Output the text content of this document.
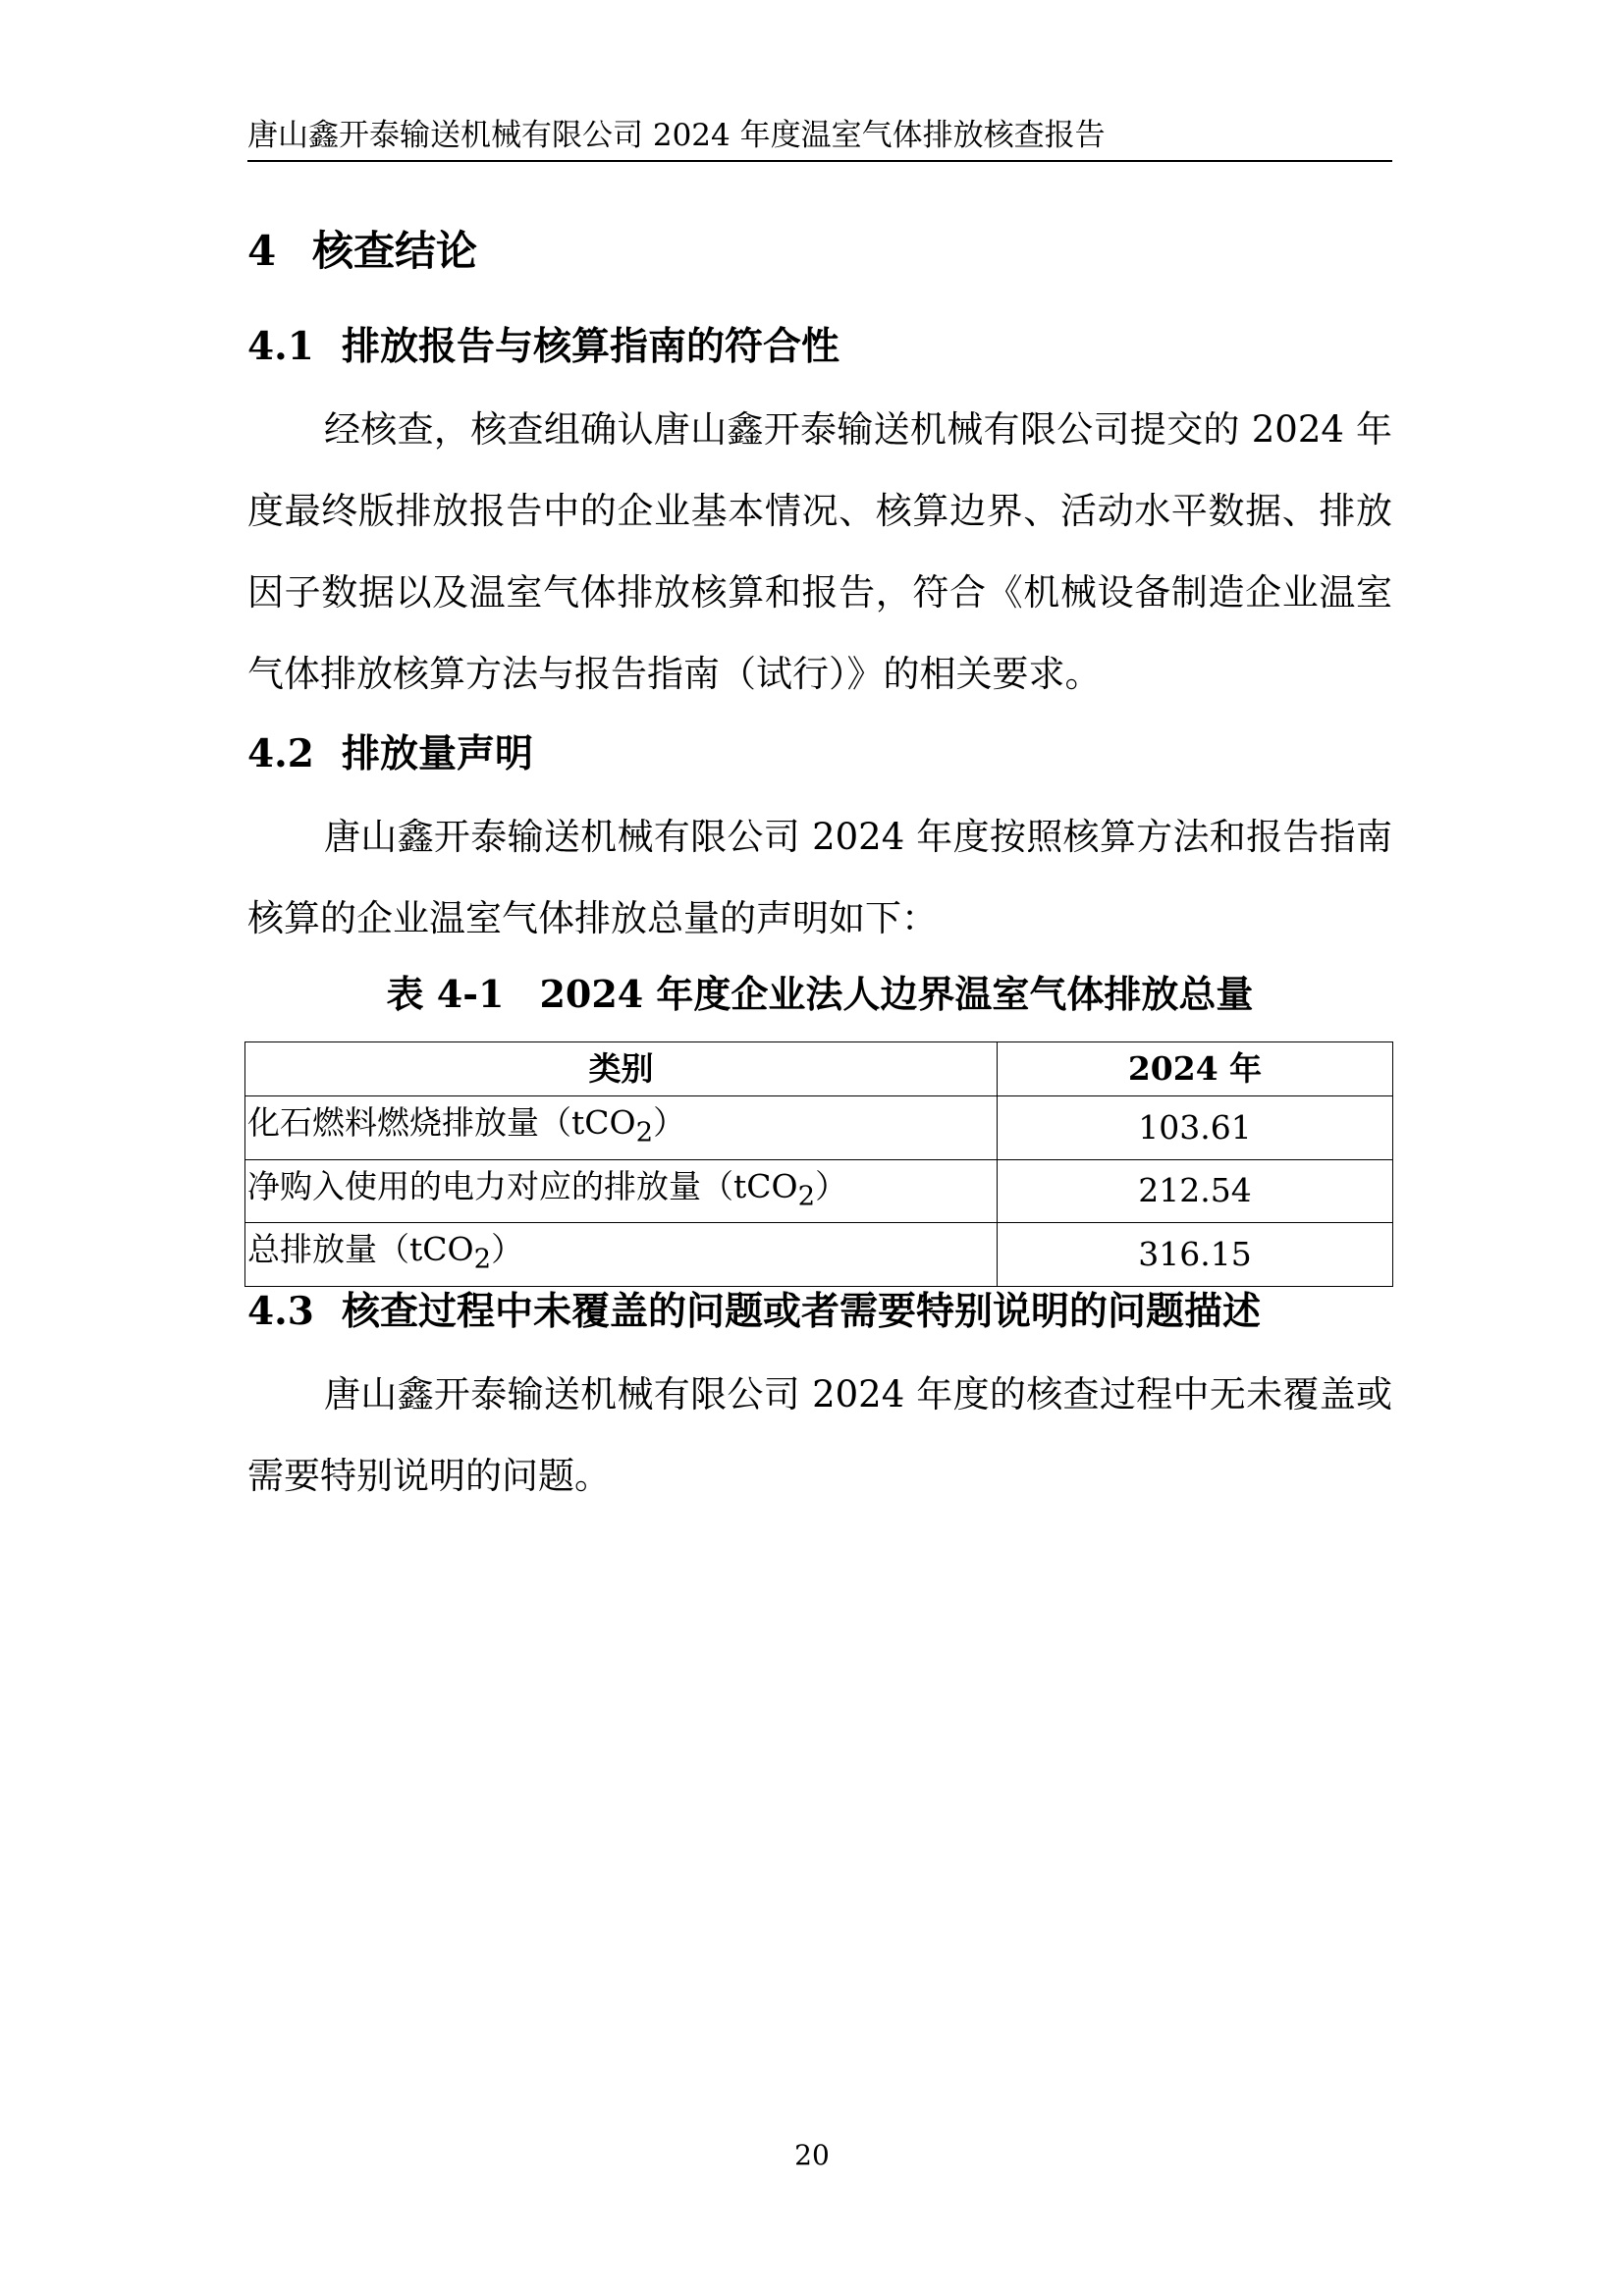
唐山鑫开泰输送机械有限公司 2024 年度温室气体排放核查报告
4 核查结论
4.1 排放报告与核算指南的符合性
经核查，核查组确认唐山鑫开泰输送机械有限公司提交的 2024 年度最终版排放报告中的企业基本情况、核算边界、活动水平数据、排放因子数据以及温室气体排放核算和报告，符合《机械设备制造企业温室气体排放核算方法与报告指南（试行）》的相关要求。
4.2 排放量声明
唐山鑫开泰输送机械有限公司 2024 年度按照核算方法和报告指南核算的企业温室气体排放总量的声明如下：
表 4-1 2024 年度企业法人边界温室气体排放总量
类别	2024 年
化石燃料燃烧排放量（tCO$_2$）	103.61
净购入使用的电力对应的排放量（tCO$_2$）	212.54
总排放量（tCO$_2$）	316.15
4.3 核查过程中未覆盖的问题或者需要特别说明的问题描述
唐山鑫开泰输送机械有限公司 2024 年度的核查过程中无未覆盖或需要特别说明的问题。
20
